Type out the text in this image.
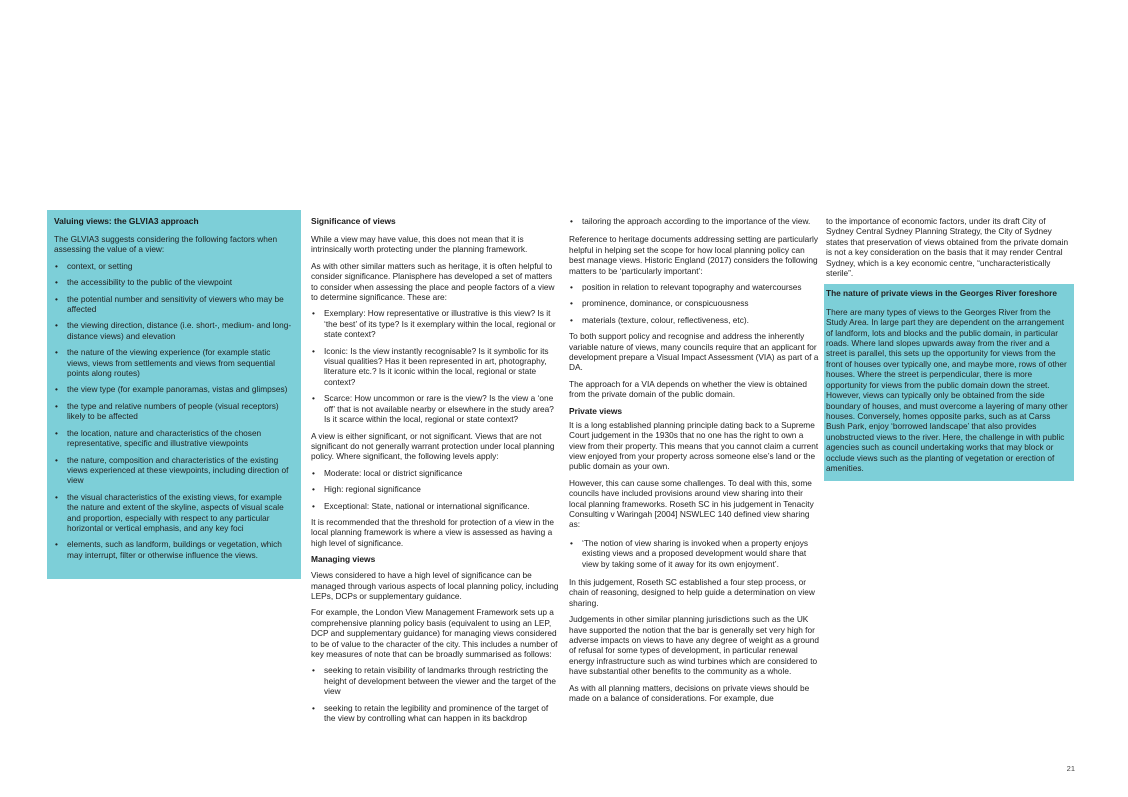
Valuing views: the GLVIA3 approach

The GLVIA3 suggests considering the following factors when assessing the value of a view:

• context, or setting
• the accessibility to the public of the viewpoint
• the potential number and sensitivity of viewers who may be affected
• the viewing direction, distance (i.e. short-, medium- and long-distance views) and elevation
• the nature of the viewing experience (for example static views, views from settlements and views from sequential points along routes)
• the view type (for example panoramas, vistas and glimpses)
• the type and relative numbers of people (visual receptors) likely to be affected
• the location, nature and characteristics of the chosen representative, specific and illustrative viewpoints
• the nature, composition and characteristics of the existing views experienced at these viewpoints, including direction of view
• the visual characteristics of the existing views, for example the nature and extent of the skyline, aspects of visual scale and proportion, especially with respect to any particular horizontal or vertical emphasis, and any key foci
• elements, such as landform, buildings or vegetation, which may interrupt, filter or otherwise influence the views.
Significance of views

While a view may have value, this does not mean that it is intrinsically worth protecting under the planning framework.

As with other similar matters such as heritage, it is often helpful to consider significance. Planisphere has developed a set of matters to consider when assessing the place and people factors of a view to determine significance. These are:

• Exemplary: How representative or illustrative is this view? Is it ‘the best’ of its type? Is it exemplary within the local, regional or state context?
• Iconic: Is the view instantly recognisable? Is it symbolic for its visual qualities? Has it been represented in art, photography, literature etc.? Is it iconic within the local, regional or state context?
• Scarce: How uncommon or rare is the view? Is the view a ‘one off’ that is not available nearby or elsewhere in the study area? Is it scarce within the local, regional or state context?

A view is either significant, or not significant. Views that are not significant do not generally warrant protection under local planning policy. Where significant, the following levels apply:

• Moderate: local or district significance
• High: regional significance
• Exceptional: State, national or international significance.

It is recommended that the threshold for protection of a view in the local planning framework is where a view is assessed as having a high level of significance.

Managing views

Views considered to have a high level of significance can be managed through various aspects of local planning policy, including LEPs, DCPs or supplementary guidance.

For example, the London View Management Framework sets up a comprehensive planning policy basis (equivalent to using an LEP, DCP and supplementary guidance) for managing views considered to be of value to the character of the city. This includes a number of key measures of note that can be broadly summarised as follows:

• seeking to retain visibility of landmarks through restricting the height of development between the viewer and the target of the view
• seeking to retain the legibility and prominence of the target of the view by controlling what can happen in its backdrop
• tailoring the approach according to the importance of the view.

Reference to heritage documents addressing setting are particularly helpful in helping set the scope for how local planning policy can best manage views. Historic England (2017) considers the following matters to be ‘particularly important’:

• position in relation to relevant topography and watercourses
• prominence, dominance, or conspicuousness
• materials (texture, colour, reflectiveness, etc).

To both support policy and recognise and address the inherently variable nature of views, many councils require that an applicant for development prepare a Visual Impact Assessment (VIA) as part of a DA.

The approach for a VIA depends on whether the view is obtained from the private domain of the public domain.

Private views

It is a long established planning principle dating back to a Supreme Court judgement in the 1930s that no one has the right to own a view from their property. This means that you cannot claim a current view enjoyed from your property across someone else’s land or the public domain as your own.

However, this can cause some challenges. To deal with this, some councils have included provisions around view sharing into their local planning frameworks. Roseth SC in his judgement in Tenacity Consulting v Waringah [2004] NSWLEC 140 defined view sharing as:

• ‘The notion of view sharing is invoked when a property enjoys existing views and a proposed development would share that view by taking some of it away for its own enjoyment’.

In this judgement, Roseth SC established a four step process, or chain of reasoning, designed to help guide a determination on view sharing.

Judgements in other similar planning jurisdictions such as the UK have supported the notion that the bar is generally set very high for adverse impacts on views to have any degree of weight as a ground of refusal for some types of development, in particular renewal energy infrastructure such as wind turbines which are considered to have substantial other benefits to the community as a whole.

As with all planning matters, decisions on private views should be made on a balance of considerations. For example, due

to the importance of economic factors, under its draft City of Sydney Central Sydney Planning Strategy, the City of Sydney states that preservation of views obtained from the private domain is not a key consideration on the basis that it may render Central Sydney, which is a key economic centre, “uncharacteristically sterile”.

The nature of private views in the Georges River foreshore

There are many types of views to the Georges River from the Study Area. In large part they are dependent on the arrangement of landform, lots and blocks and the public domain, in particular roads. Where land slopes upwards away from the river and a street is parallel, this sets up the opportunity for views from the front of houses over typically one, and maybe more, rows of other houses. Where the street is perpendicular, there is more opportunity for views from the public domain down the street. However, views can typically only be obtained from the side boundary of houses, and must overcome a layering of many other houses. Conversely, homes opposite parks, such as at Carss Bush Park, enjoy ‘borrowed landscape’ that also provides unobstructed views to the river. Here, the challenge in with public agencies such as council undertaking works that may block or occlude views such as the planting of vegetation or erection of amenities.

21
